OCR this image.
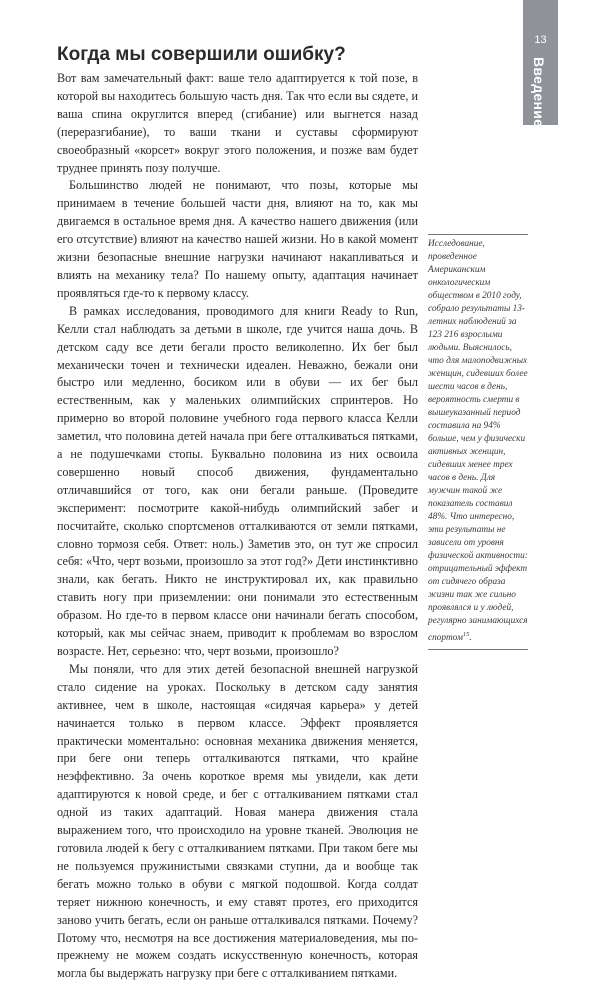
13
Введение
Когда мы совершили ошибку?

Вот вам замечательный факт: ваше тело адаптируется к той позе, в которой вы находитесь большую часть дня. Так что если вы сядете, и ваша спина округлится вперед (сгибание) или выгнется назад (переразгибание), то ваши ткани и суставы сформируют своеобразный «корсет» вокруг этого положения, и позже вам будет труднее принять позу получше.

Большинство людей не понимают, что позы, которые мы принимаем в течение большей части дня, влияют на то, как мы двигаемся в остальное время дня. А качество нашего движения (или его отсутствие) влияют на качество нашей жизни. Но в какой момент жизни безопасные внешние нагрузки начинают накапливаться и влиять на механику тела? По нашему опыту, адаптация начинает проявляться где-то к первому классу.

В рамках исследования, проводимого для книги Ready to Run, Келли стал наблюдать за детьми в школе, где учится наша дочь. В детском саду все дети бегали просто великолепно. Их бег был механически точен и технически идеален. Неважно, бежали они быстро или медленно, босиком или в обуви — их бег был естественным, как у маленьких олимпийских спринтеров. Но примерно во второй половине учебного года первого класса Келли заметил, что половина детей начала при беге отталкиваться пятками, а не подушечками стопы. Буквально половина из них освоила совершенно новый способ движения, фундаментально отличавшийся от того, как они бегали раньше. (Проведите эксперимент: посмотрите какой-нибудь олимпийский забег и посчитайте, сколько спортсменов отталкиваются от земли пятками, словно тормозя себя. Ответ: ноль.) Заметив это, он тут же спросил себя: «Что, черт возьми, произошло за этот год?» Дети инстинктивно знали, как бегать. Никто не инструктировал их, как правильно ставить ногу при приземлении: они понимали это естественным образом. Но где-то в первом классе они начинали бегать способом, который, как мы сейчас знаем, приводит к проблемам во взрослом возрасте. Нет, серьезно: что, черт возьми, произошло?

Мы поняли, что для этих детей безопасной внешней нагрузкой стало сидение на уроках. Поскольку в детском саду занятия активнее, чем в школе, настоящая «сидячая карьера» у детей начинается только в первом классе. Эффект проявляется практически моментально: основная механика движения меняется, при беге они теперь отталкиваются пятками, что крайне неэффективно. За очень короткое время мы увидели, как дети адаптируются к новой среде, и бег с отталкиванием пятками стал одной из таких адаптаций. Новая манера движения стала выражением того, что происходило на уровне тканей. Эволюция не готовила людей к бегу с отталкиванием пятками. При таком беге мы не пользуемся пружинистыми связками ступни, да и вообще так бегать можно только в обуви с мягкой подошвой. Когда солдат теряет нижнюю конечность, и ему ставят протез, его приходится заново учить бегать, если он раньше отталкивался пятками. Почему? Потому что, несмотря на все достижения материаловедения, мы по-прежнему не можем создать искусственную конечность, которая могла бы выдержать нагрузку при беге с отталкиванием пятками.

Исследование, проведенное Американским онкологическим обществом в 2010 году, собрало результаты 13-летних наблюдений за 123 216 взрослыми людьми. Выяснилось, что для малоподвижных женщин, сидевших более шести часов в день, вероятность смерти в вышеуказанный период составила на 94% больше, чем у физически активных женщин, сидевших менее трех часов в день. Для мужчин такой же показатель составил 48%. Что интересно, эти результаты не зависели от уровня физической активности: отрицательный эффект от сидячего образа жизни так же сильно проявлялся и у людей, регулярно занимающихся спортом$^{15}$.
